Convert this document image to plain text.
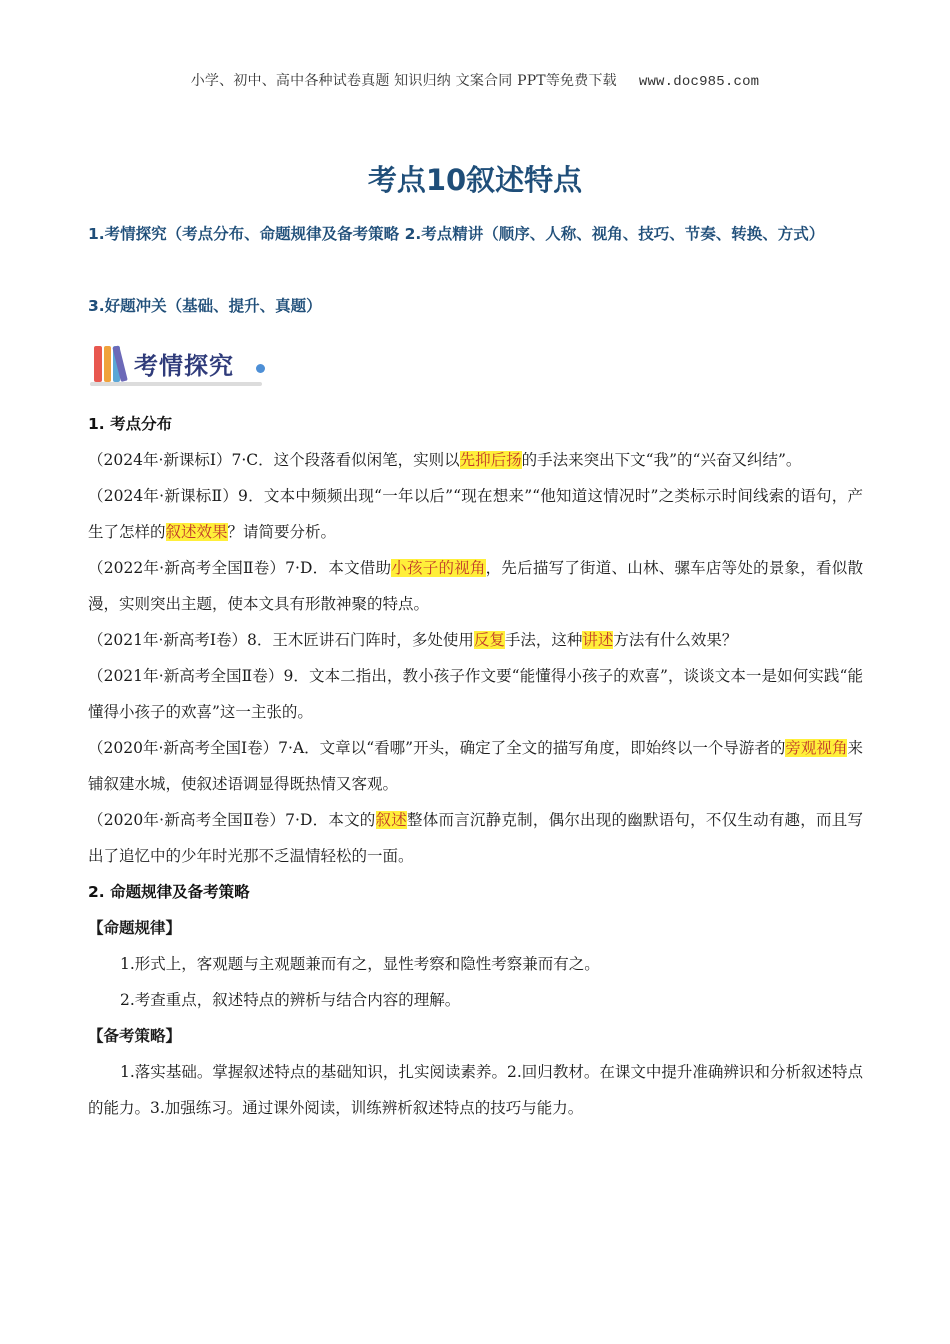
小学、初中、高中各种试卷真题 知识归纳 文案合同 PPT等免费下载 www.doc985.com
考点10叙述特点
1.考情探究（考点分布、命题规律及备考策略 2.考点精讲（顺序、人称、视角、技巧、节奏、转换、方式）
3.好题冲关（基础、提升、真题）
考情探究
1. 考点分布
（2024年·新课标Ⅰ）7·C．这个段落看似闲笔，实则以先抑后扬的手法来突出下文“我”的“兴奋又纠结”。
（2024年·新课标Ⅱ）9．文本中频频出现“一年以后”“现在想来”“他知道这情况时”之类标示时间线索的语句，产生了怎样的叙述效果？请简要分析。
（2022年·新高考全国Ⅱ卷）7·D．本文借助小孩子的视角，先后描写了街道、山林、骡车店等处的景象，看似散漫，实则突出主题，使本文具有形散神聚的特点。
（2021年·新高考Ⅰ卷）8．王木匠讲石门阵时，多处使用反复手法，这种讲述方法有什么效果？
（2021年·新高考全国Ⅱ卷）9．文本二指出，教小孩子作文要“能懂得小孩子的欢喜”，谈谈文本一是如何实践“能懂得小孩子的欢喜”这一主张的。
（2020年·新高考全国Ⅰ卷）7·A．文章以“看哪”开头，确定了全文的描写角度，即始终以一个导游者的旁观视角来铺叙建水城，使叙述语调显得既热情又客观。
（2020年·新高考全国Ⅱ卷）7·D．本文的叙述整体而言沉静克制，偶尔出现的幽默语句，不仅生动有趣，而且写出了追忆中的少年时光那不乏温情轻松的一面。
2. 命题规律及备考策略
【命题规律】
1.形式上，客观题与主观题兼而有之，显性考察和隐性考察兼而有之。
2.考查重点，叙述特点的辨析与结合内容的理解。
【备考策略】
1.落实基础。掌握叙述特点的基础知识，扎实阅读素养。2.回归教材。在课文中提升准确辨识和分析叙述特点的能力。3.加强练习。通过课外阅读，训练辨析叙述特点的技巧与能力。
